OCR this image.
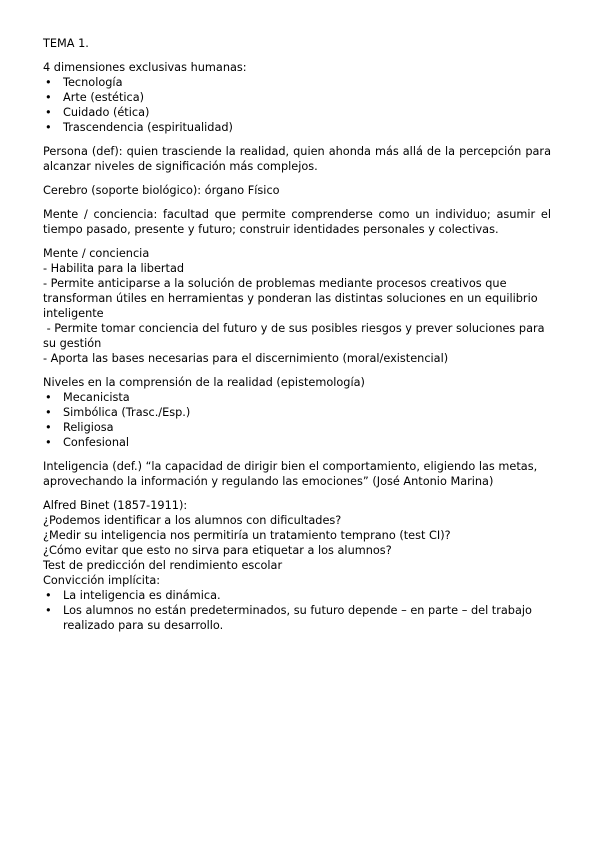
TEMA 1.

4 dimensiones exclusivas humanas:

• Tecnología
• Arte (estética)
• Cuidado (ética)
• Trascendencia (espiritualidad)

Persona (def): quien trasciende la realidad, quien ahonda más allá de la percepción para alcanzar niveles de significación más complejos.

Cerebro (soporte biológico): órgano Físico

Mente / conciencia: facultad que permite comprenderse como un individuo; asumir el tiempo pasado, presente y futuro; construir identidades personales y colectivas.

Mente / conciencia

- Habilita para la libertad

- Permite anticiparse a la solución de problemas mediante procesos creativos que transforman útiles en herramientas y ponderan las distintas soluciones en un equilibrio inteligente

- Permite tomar conciencia del futuro y de sus posibles riesgos y prever soluciones para su gestión

- Aporta las bases necesarias para el discernimiento (moral/existencial)

Niveles en la comprensión de la realidad (epistemología)

• Mecanicista
• Simbólica (Trasc./Esp.)
• Religiosa
• Confesional

Inteligencia (def.) “la capacidad de dirigir bien el comportamiento, eligiendo las metas, aprovechando la información y regulando las emociones” (José Antonio Marina)

Alfred Binet (1857-1911):

¿Podemos identificar a los alumnos con dificultades?

¿Medir su inteligencia nos permitiría un tratamiento temprano (test CI)?

¿Cómo evitar que esto no sirva para etiquetar a los alumnos?

Test de predicción del rendimiento escolar

Convicción implícita:

• La inteligencia es dinámica.
• Los alumnos no están predeterminados, su futuro depende – en parte – del trabajo realizado para su desarrollo.
